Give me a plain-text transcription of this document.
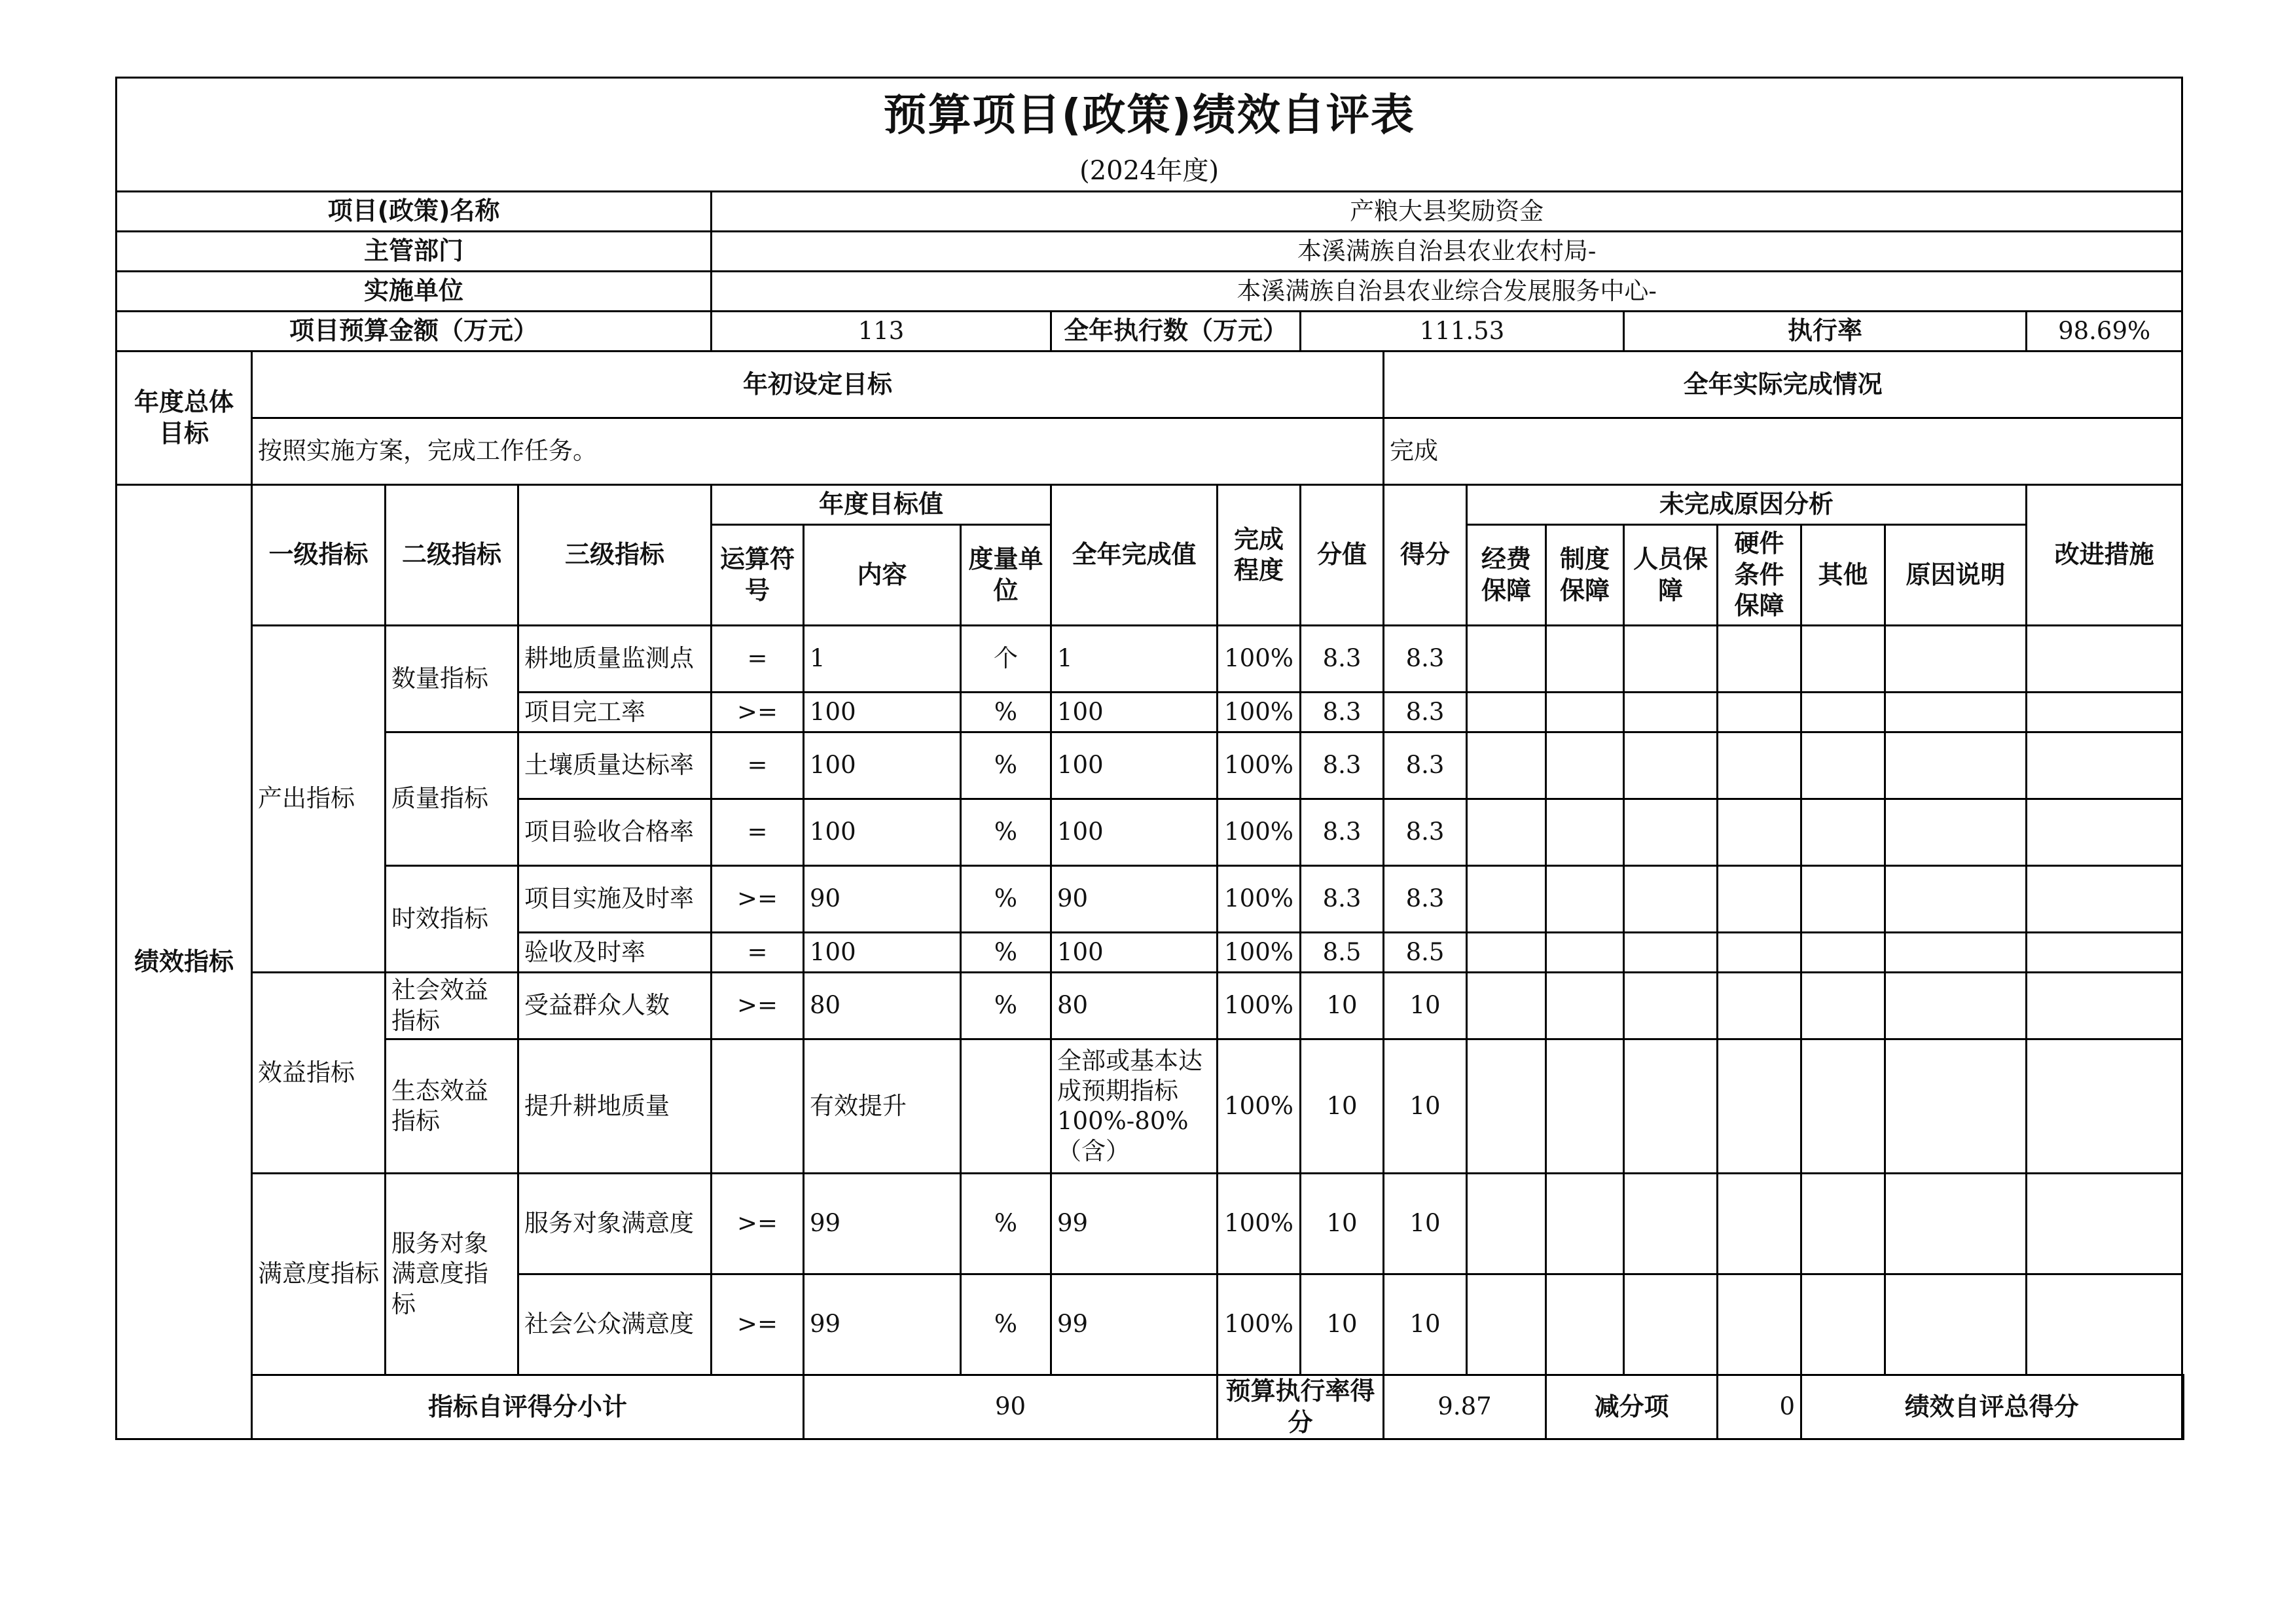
预算项目(政策)绩效自评表																		
(2024年度)																		
项目(政策)名称				产粮大县奖励资金														
主管部门				本溪满族自治县农业农村局-														
实施单位				本溪满族自治县农业综合发展服务中心-														
项目预算金额（万元）				113			全年执行数（万元）		111.53				执行率				98.69%	
年度总体目标	年初设定目标									全年实际完成情况								
	按照实施方案，完成工作任务。									完成								
绩效指标	一级指标	二级指标	三级指标	年度目标值			全年完成值	完成程度	分值	得分	未完成原因分析						改进措施	
				运算符号	内容	度量单位					经费保障	制度保障	人员保障	硬件条件保障	其他	原因说明		
	产出指标	数量指标	耕地质量监测点	=	1	个	1	100%	8.3	8.3								
			项目完工率	>=	100	%	100	100%	8.3	8.3								
		质量指标	土壤质量达标率	=	100	%	100	100%	8.3	8.3								
			项目验收合格率	=	100	%	100	100%	8.3	8.3								
		时效指标	项目实施及时率	>=	90	%	90	100%	8.3	8.3								
			验收及时率	=	100	%	100	100%	8.5	8.5								
	效益指标	社会效益指标	受益群众人数	>=	80	%	80	100%	10	10								
		生态效益指标	提升耕地质量		有效提升		全部或基本达成预期指标100%-80%（含）	100%	10	10								
	满意度指标	服务对象满意度指标	服务对象满意度	>=	99	%	99	100%	10	10								
			社会公众满意度	>=	99	%	99	100%	10	10								
	指标自评得分小计				90			预算执行率得分		9.87		减分项		0	绩效自评总得分	
